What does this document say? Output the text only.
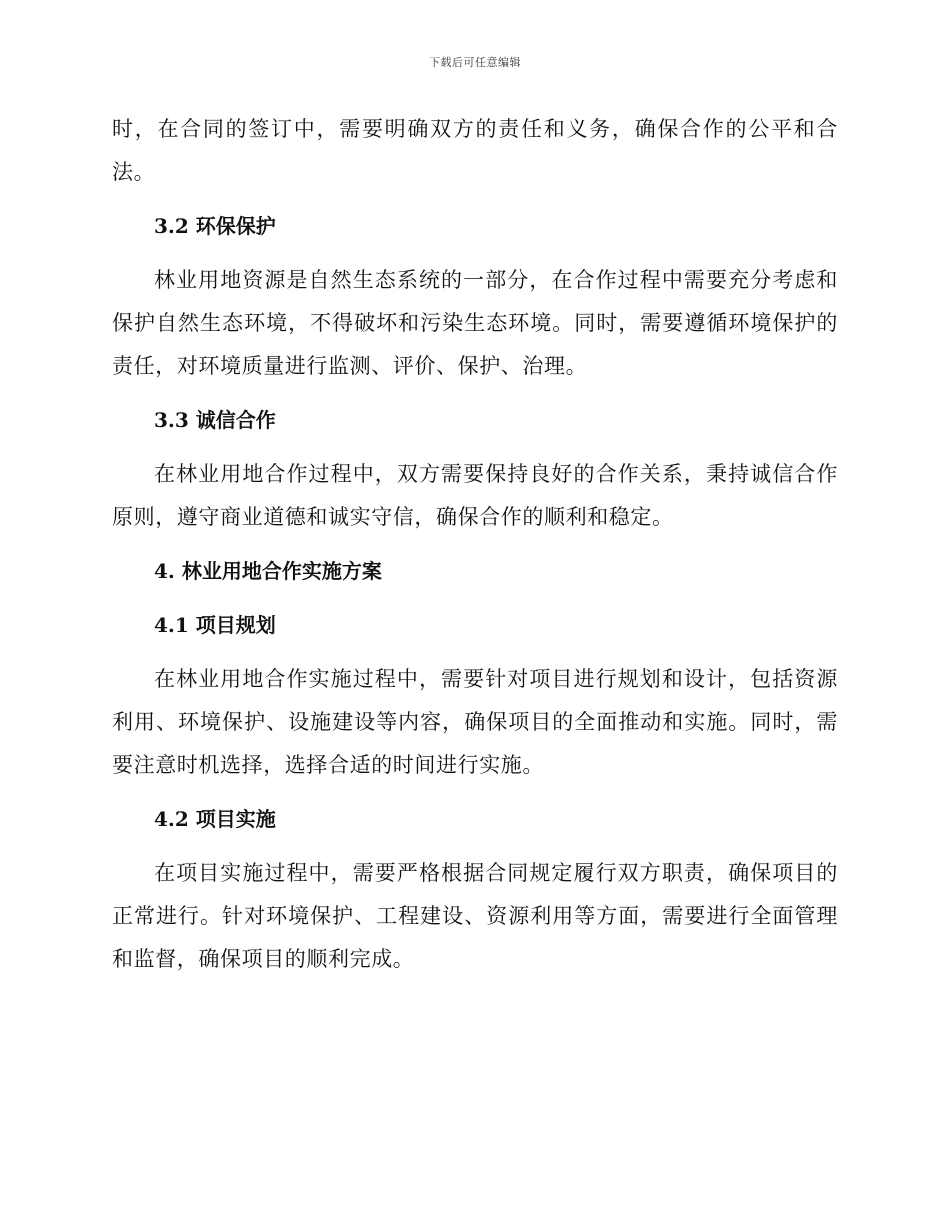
下载后可任意编辑

时，在合同的签订中，需要明确双方的责任和义务，确保合作的公平和合法。

3.2 环保保护

林业用地资源是自然生态系统的一部分，在合作过程中需要充分考虑和保护自然生态环境，不得破坏和污染生态环境。同时，需要遵循环境保护的责任，对环境质量进行监测、评价、保护、治理。

3.3 诚信合作

在林业用地合作过程中，双方需要保持良好的合作关系，秉持诚信合作原则，遵守商业道德和诚实守信，确保合作的顺利和稳定。

4. 林业用地合作实施方案

4.1 项目规划

在林业用地合作实施过程中，需要针对项目进行规划和设计，包括资源利用、环境保护、设施建设等内容，确保项目的全面推动和实施。同时，需要注意时机选择，选择合适的时间进行实施。

4.2 项目实施

在项目实施过程中，需要严格根据合同规定履行双方职责，确保项目的正常进行。针对环境保护、工程建设、资源利用等方面，需要进行全面管理和监督，确保项目的顺利完成。
